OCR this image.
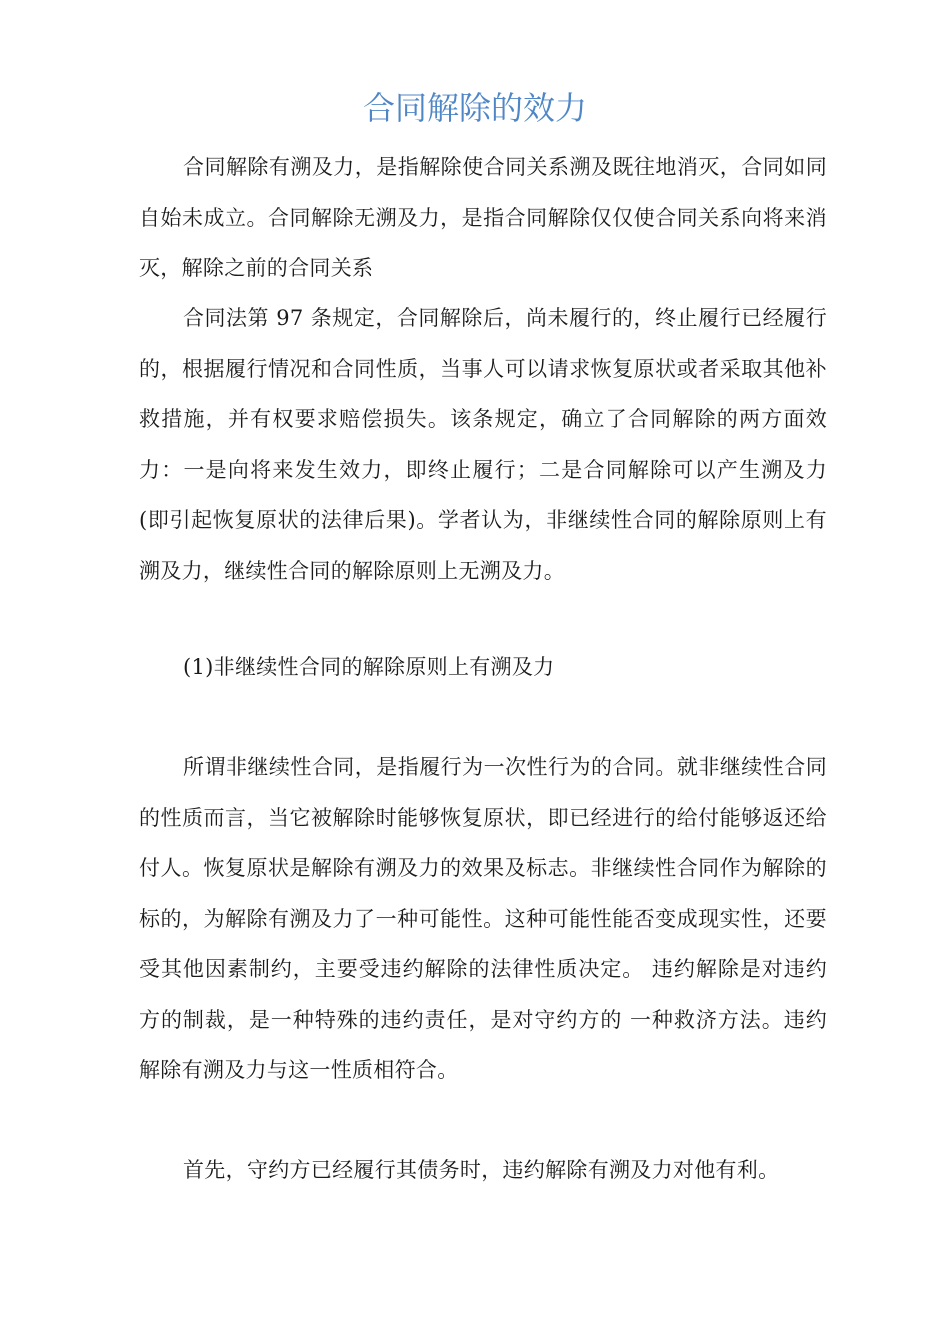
合同解除的效力

合同解除有溯及力，是指解除使合同关系溯及既往地消灭，合同如同自始未成立。合同解除无溯及力，是指合同解除仅仅使合同关系向将来消灭，解除之前的合同关系

合同法第 97 条规定，合同解除后，尚未履行的，终止履行已经履行的，根据履行情况和合同性质，当事人可以请求恢复原状或者采取其他补救措施，并有权要求赔偿损失。该条规定，确立了合同解除的两方面效力：一是向将来发生效力，即终止履行；二是合同解除可以产生溯及力(即引起恢复原状的法律后果)。学者认为，非继续性合同的解除原则上有溯及力，继续性合同的解除原则上无溯及力。

(1)非继续性合同的解除原则上有溯及力

所谓非继续性合同，是指履行为一次性行为的合同。就非继续性合同的性质而言，当它被解除时能够恢复原状，即已经进行的给付能够返还给付人。恢复原状是解除有溯及力的效果及标志。非继续性合同作为解除的标的，为解除有溯及力了一种可能性。这种可能性能否变成现实性，还要受其他因素制约，主要受违约解除的法律性质决定。 违约解除是对违约方的制裁，是一种特殊的违约责任，是对守约方的 一种救济方法。违约解除有溯及力与这一性质相符合。

首先，守约方已经履行其债务时，违约解除有溯及力对他有利。
